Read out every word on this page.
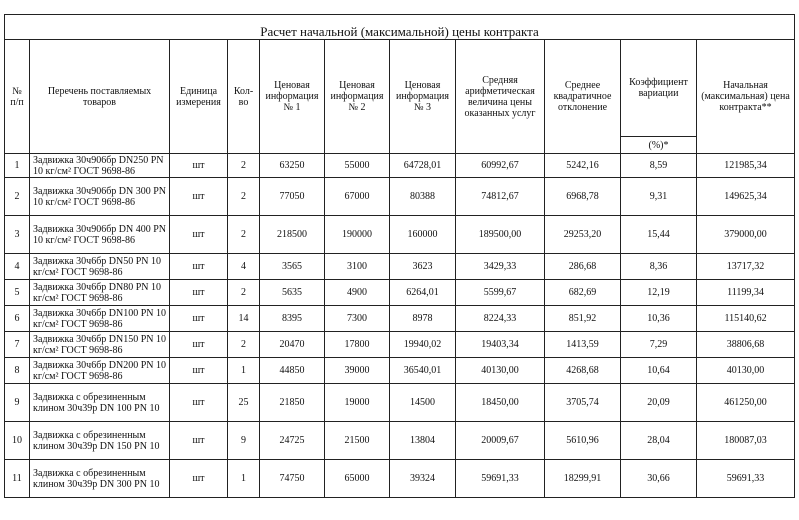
Расчет начальной (максимальной) цены контракта										
№ п/п	Перечень поставляемых товаров	Единица измерения	Кол-во	Ценовая информация № 1	Ценовая информация № 2	Ценовая информация № 3	Средняя арифметическая величина цены оказанных услуг	Среднее квадратичное отклонение	Коэффициент вариации	Начальная (максимальная) цена контракта**
									(%)*	
1	Задвижка 30ч906бр DN250 PN 10 кг/см² ГОСТ 9698-86	шт	2	63250	55000	64728,01	60992,67	5242,16	8,59	121985,34
2	Задвижка 30ч906бр DN 300 PN 10 кг/см² ГОСТ 9698-86	шт	2	77050	67000	80388	74812,67	6968,78	9,31	149625,34
3	Задвижка 30ч906бр DN 400 PN 10 кг/см² ГОСТ 9698-86	шт	2	218500	190000	160000	189500,00	29253,20	15,44	379000,00
4	Задвижка 30ч6бр DN50 PN 10 кг/см² ГОСТ 9698-86	шт	4	3565	3100	3623	3429,33	286,68	8,36	13717,32
5	Задвижка 30ч6бр DN80 PN 10 кг/см² ГОСТ 9698-86	шт	2	5635	4900	6264,01	5599,67	682,69	12,19	11199,34
6	Задвижка 30ч6бр DN100 PN 10 кг/см² ГОСТ 9698-86	шт	14	8395	7300	8978	8224,33	851,92	10,36	115140,62
7	Задвижка 30ч6бр DN150 PN 10 кг/см² ГОСТ 9698-86	шт	2	20470	17800	19940,02	19403,34	1413,59	7,29	38806,68
8	Задвижка 30ч6бр DN200 PN 10 кг/см² ГОСТ 9698-86	шт	1	44850	39000	36540,01	40130,00	4268,68	10,64	40130,00
9	Задвижка с обрезиненным клином 30ч39р DN 100 PN 10	шт	25	21850	19000	14500	18450,00	3705,74	20,09	461250,00
10	Задвижка с обрезиненным клином 30ч39р DN 150 PN 10	шт	9	24725	21500	13804	20009,67	5610,96	28,04	180087,03
11	Задвижка с обрезиненным клином 30ч39р DN 300 PN 10	шт	1	74750	65000	39324	59691,33	18299,91	30,66	59691,33
